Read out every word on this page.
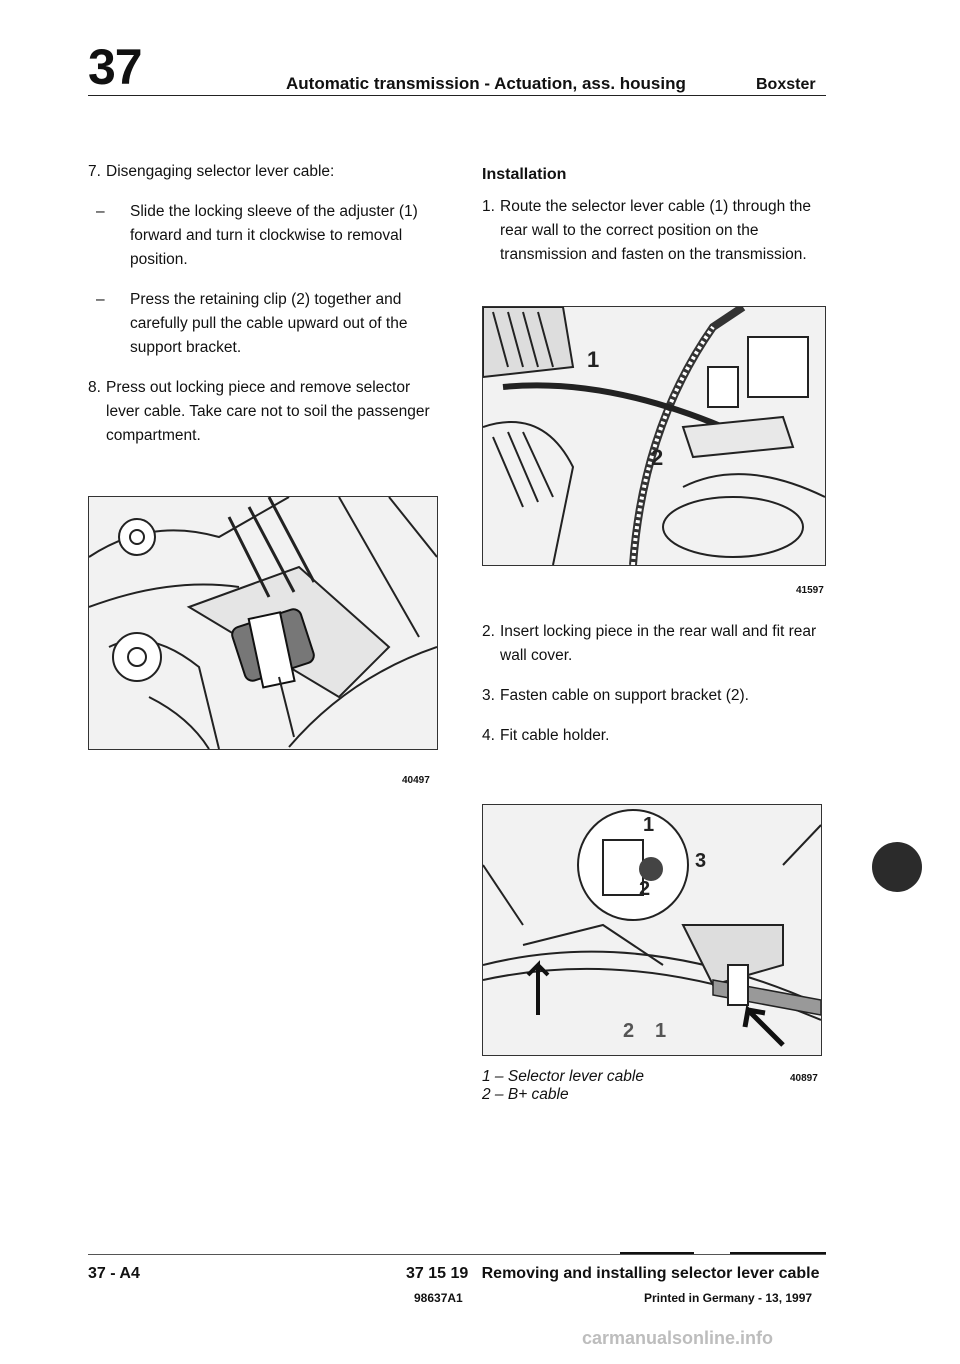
37	Automatic transmission - Actuation, ass. housing	Boxster

7. Disengaging selector lever cable:

–	Slide the locking sleeve of the adjuster (1) forward and turn it clockwise to removal position.

–	Press the retaining clip (2) together and carefully pull the cable upward out of the support bracket.

8. Press out locking piece and remove selector lever cable. Take care not to soil the passenger compartment.

40497
Installation

1. Route the selector lever cable (1) through the rear wall to the correct position on the transmission and fasten on the transmission.

1
2
41597

2. Insert locking piece in the rear wall and fit rear wall cover.

3. Fasten cable on support bracket (2).

4. Fit cable holder.

1
3
2
2 1
1 – Selector lever cable
2 – B+ cable
40897
37 - A4	37 15 19   Removing and installing selector lever cable
98637A1	Printed in Germany - 13, 1997
carmanualsonline.info
